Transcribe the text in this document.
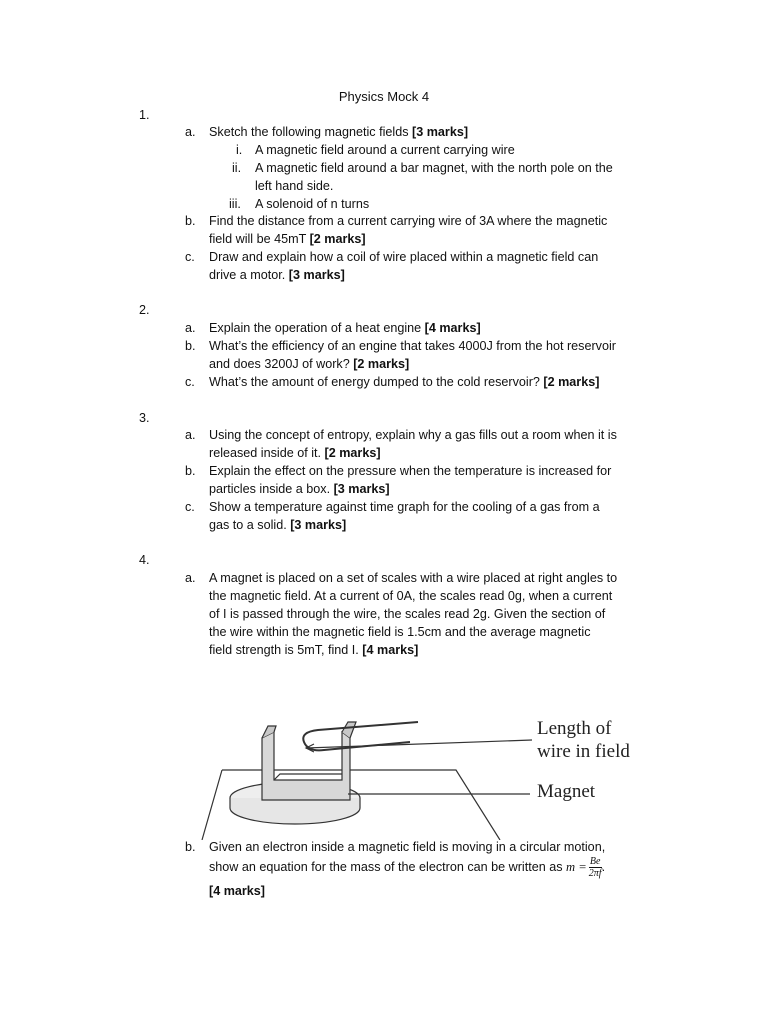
Physics Mock 4
1.
a. Sketch the following magnetic fields [3 marks]
i. A magnetic field around a current carrying wire
ii. A magnetic field around a bar magnet, with the north pole on the
left hand side.
iii. A solenoid of n turns
b. Find the distance from a current carrying wire of 3A where the magnetic
field will be 45mT [2 marks]
c. Draw and explain how a coil of wire placed within a magnetic field can
drive a motor. [3 marks]
2.
a. Explain the operation of a heat engine [4 marks]
b. What’s the efficiency of an engine that takes 4000J from the hot reservoir
and does 3200J of work? [2 marks]
c. What’s the amount of energy dumped to the cold reservoir? [2 marks]
3.
a. Using the concept of entropy, explain why a gas fills out a room when it is
released inside of it. [2 marks]
b. Explain the effect on the pressure when the temperature is increased for
particles inside a box. [3 marks]
c. Show a temperature against time graph for the cooling of a gas from a
gas to a solid. [3 marks]
4.
a. A magnet is placed on a set of scales with a wire placed at right angles to
the magnetic field. At a current of 0A, the scales read 0g, when a current
of I is passed through the wire, the scales read 2g. Given the section of
the wire within the magnetic field is 1.5cm and the average magnetic
field strength is 5mT, find I. [4 marks]
Length of
wire in field
Magnet
b. Given an electron inside a magnetic field is moving in a circular motion,
show an equation for the mass of the electron can be written as $m = \frac{Be}{2\pi f}$ .
[4 marks]
